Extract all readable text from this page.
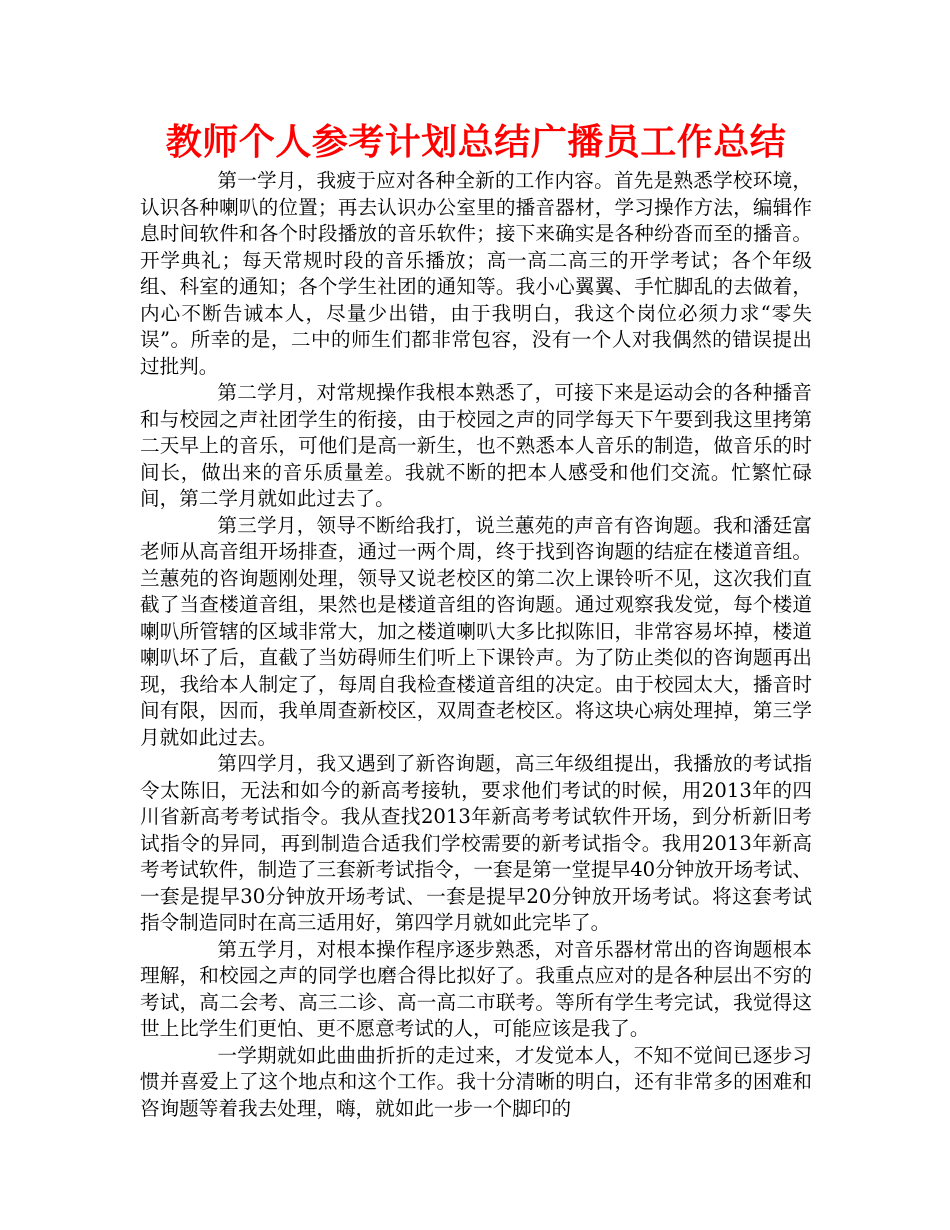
教师个人参考计划总结广播员工作总结

第一学月，我疲于应对各种全新的工作内容。首先是熟悉学校环境，认识各种喇叭的位置；再去认识办公室里的播音器材，学习操作方法，编辑作息时间软件和各个时段播放的音乐软件；接下来确实是各种纷沓而至的播音。开学典礼；每天常规时段的音乐播放；高一高二高三的开学考试；各个年级组、科室的通知；各个学生社团的通知等。我小心翼翼、手忙脚乱的去做着，内心不断告诫本人，尽量少出错，由于我明白，我这个岗位必须力求“零失误”。所幸的是，二中的师生们都非常包容，没有一个人对我偶然的错误提出过批判。

第二学月，对常规操作我根本熟悉了，可接下来是运动会的各种播音和与校园之声社团学生的衔接，由于校园之声的同学每天下午要到我这里拷第二天早上的音乐，可他们是高一新生，也不熟悉本人音乐的制造，做音乐的时间长，做出来的音乐质量差。我就不断的把本人感受和他们交流。忙繁忙碌间，第二学月就如此过去了。

第三学月，领导不断给我打，说兰蕙苑的声音有咨询题。我和潘廷富老师从高音组开场排查，通过一两个周，终于找到咨询题的结症在楼道音组。兰蕙苑的咨询题刚处理，领导又说老校区的第二次上课铃听不见，这次我们直截了当查楼道音组，果然也是楼道音组的咨询题。通过观察我发觉，每个楼道喇叭所管辖的区域非常大，加之楼道喇叭大多比拟陈旧，非常容易坏掉，楼道喇叭坏了后，直截了当妨碍师生们听上下课铃声。为了防止类似的咨询题再出现，我给本人制定了，每周自我检查楼道音组的决定。由于校园太大，播音时间有限，因而，我单周查新校区，双周查老校区。将这块心病处理掉，第三学月就如此过去。

第四学月，我又遇到了新咨询题，高三年级组提出，我播放的考试指令太陈旧，无法和如今的新高考接轨，要求他们考试的时候，用2013年的四川省新高考考试指令。我从查找2013年新高考考试软件开场，到分析新旧考试指令的异同，再到制造合适我们学校需要的新考试指令。我用2013年新高考考试软件，制造了三套新考试指令，一套是第一堂提早40分钟放开场考试、一套是提早30分钟放开场考试、一套是提早20分钟放开场考试。将这套考试指令制造同时在高三适用好，第四学月就如此完毕了。

第五学月，对根本操作程序逐步熟悉，对音乐器材常出的咨询题根本理解，和校园之声的同学也磨合得比拟好了。我重点应对的是各种层出不穷的考试，高二会考、高三二诊、高一高二市联考。等所有学生考完试，我觉得这世上比学生们更怕、更不愿意考试的人，可能应该是我了。

一学期就如此曲曲折折的走过来，才发觉本人，不知不觉间已逐步习惯并喜爱上了这个地点和这个工作。我十分清晰的明白，还有非常多的困难和咨询题等着我去处理，嗨，就如此一步一个脚印的
